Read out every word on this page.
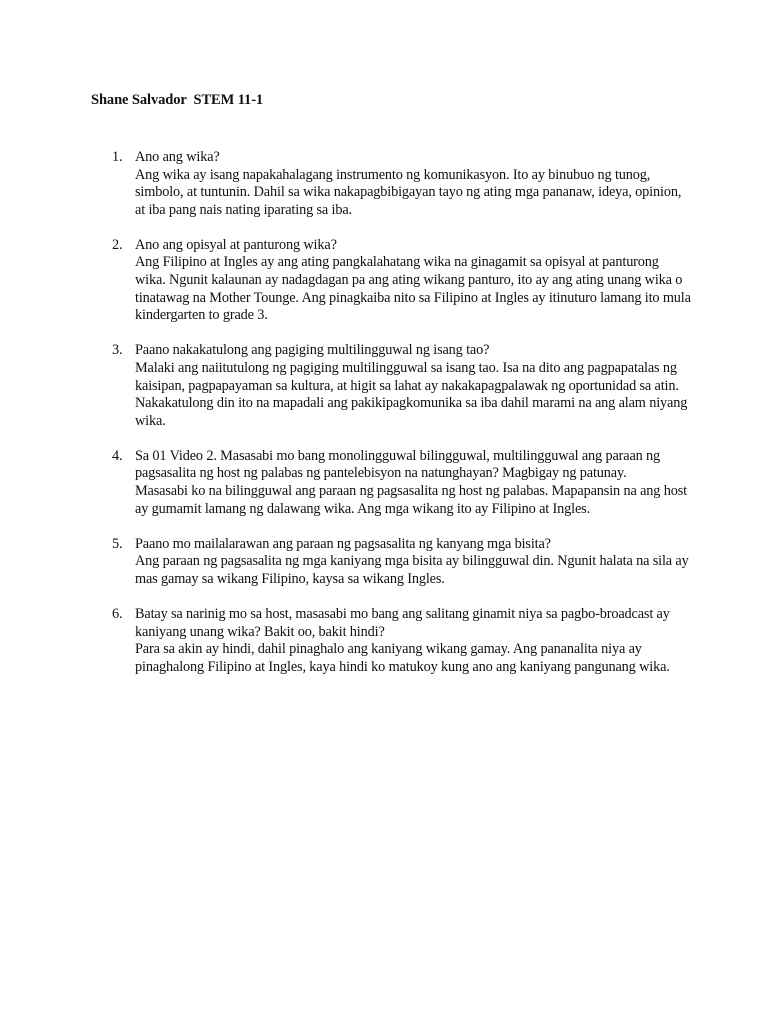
Shane Salvador  STEM 11-1
1. Ano ang wika?
Ang wika ay isang napakahalagang instrumento ng komunikasyon. Ito ay binubuo ng tunog, simbolo, at tuntunin. Dahil sa wika nakapagbibigayan tayo ng ating mga pananaw, ideya, opinion, at iba pang nais nating iparating sa iba.
2. Ano ang opisyal at panturong wika?
Ang Filipino at Ingles ay ang ating pangkalahatang wika na ginagamit sa opisyal at panturong wika. Ngunit kalaunan ay nadagdagan pa ang ating wikang panturo, ito ay ang ating unang wika o tinatawag na Mother Tounge. Ang pinagkaiba nito sa Filipino at Ingles ay itinuturo lamang ito mula kindergarten to grade 3.
3. Paano nakakatulong ang pagiging multilingguwal ng isang tao?
Malaki ang naiitutulong ng pagiging multilingguwal sa isang tao. Isa na dito ang pagpapatalas ng kaisipan, pagpapayaman sa kultura, at higit sa lahat ay nakakapagpalawak ng oportunidad sa atin. Nakakatulong din ito na mapadali ang pakikipagkomunika sa iba dahil marami na ang alam niyang wika.
4. Sa 01 Video 2. Masasabi mo bang monolingguwal bilingguwal, multilingguwal ang paraan ng pagsasalita ng host ng palabas ng pantelebisyon na natunghayan? Magbigay ng patunay.
Masasabi ko na bilingguwal ang paraan ng pagsasalita ng host ng palabas. Mapapansin na ang host ay gumamit lamang ng dalawang wika. Ang mga wikang ito ay Filipino at Ingles.
5. Paano mo mailalarawan ang paraan ng pagsasalita ng kanyang mga bisita?
Ang paraan ng pagsasalita ng mga kaniyang mga bisita ay bilingguwal din. Ngunit halata na sila ay mas gamay sa wikang Filipino, kaysa sa wikang Ingles.
6. Batay sa narinig mo sa host, masasabi mo bang ang salitang ginamit niya sa pagbo-broadcast ay kaniyang unang wika? Bakit oo, bakit hindi?
Para sa akin ay hindi, dahil pinaghalo ang kaniyang wikang gamay. Ang pananalita niya ay pinaghalong Filipino at Ingles, kaya hindi ko matukoy kung ano ang kaniyang pangunang wika.
